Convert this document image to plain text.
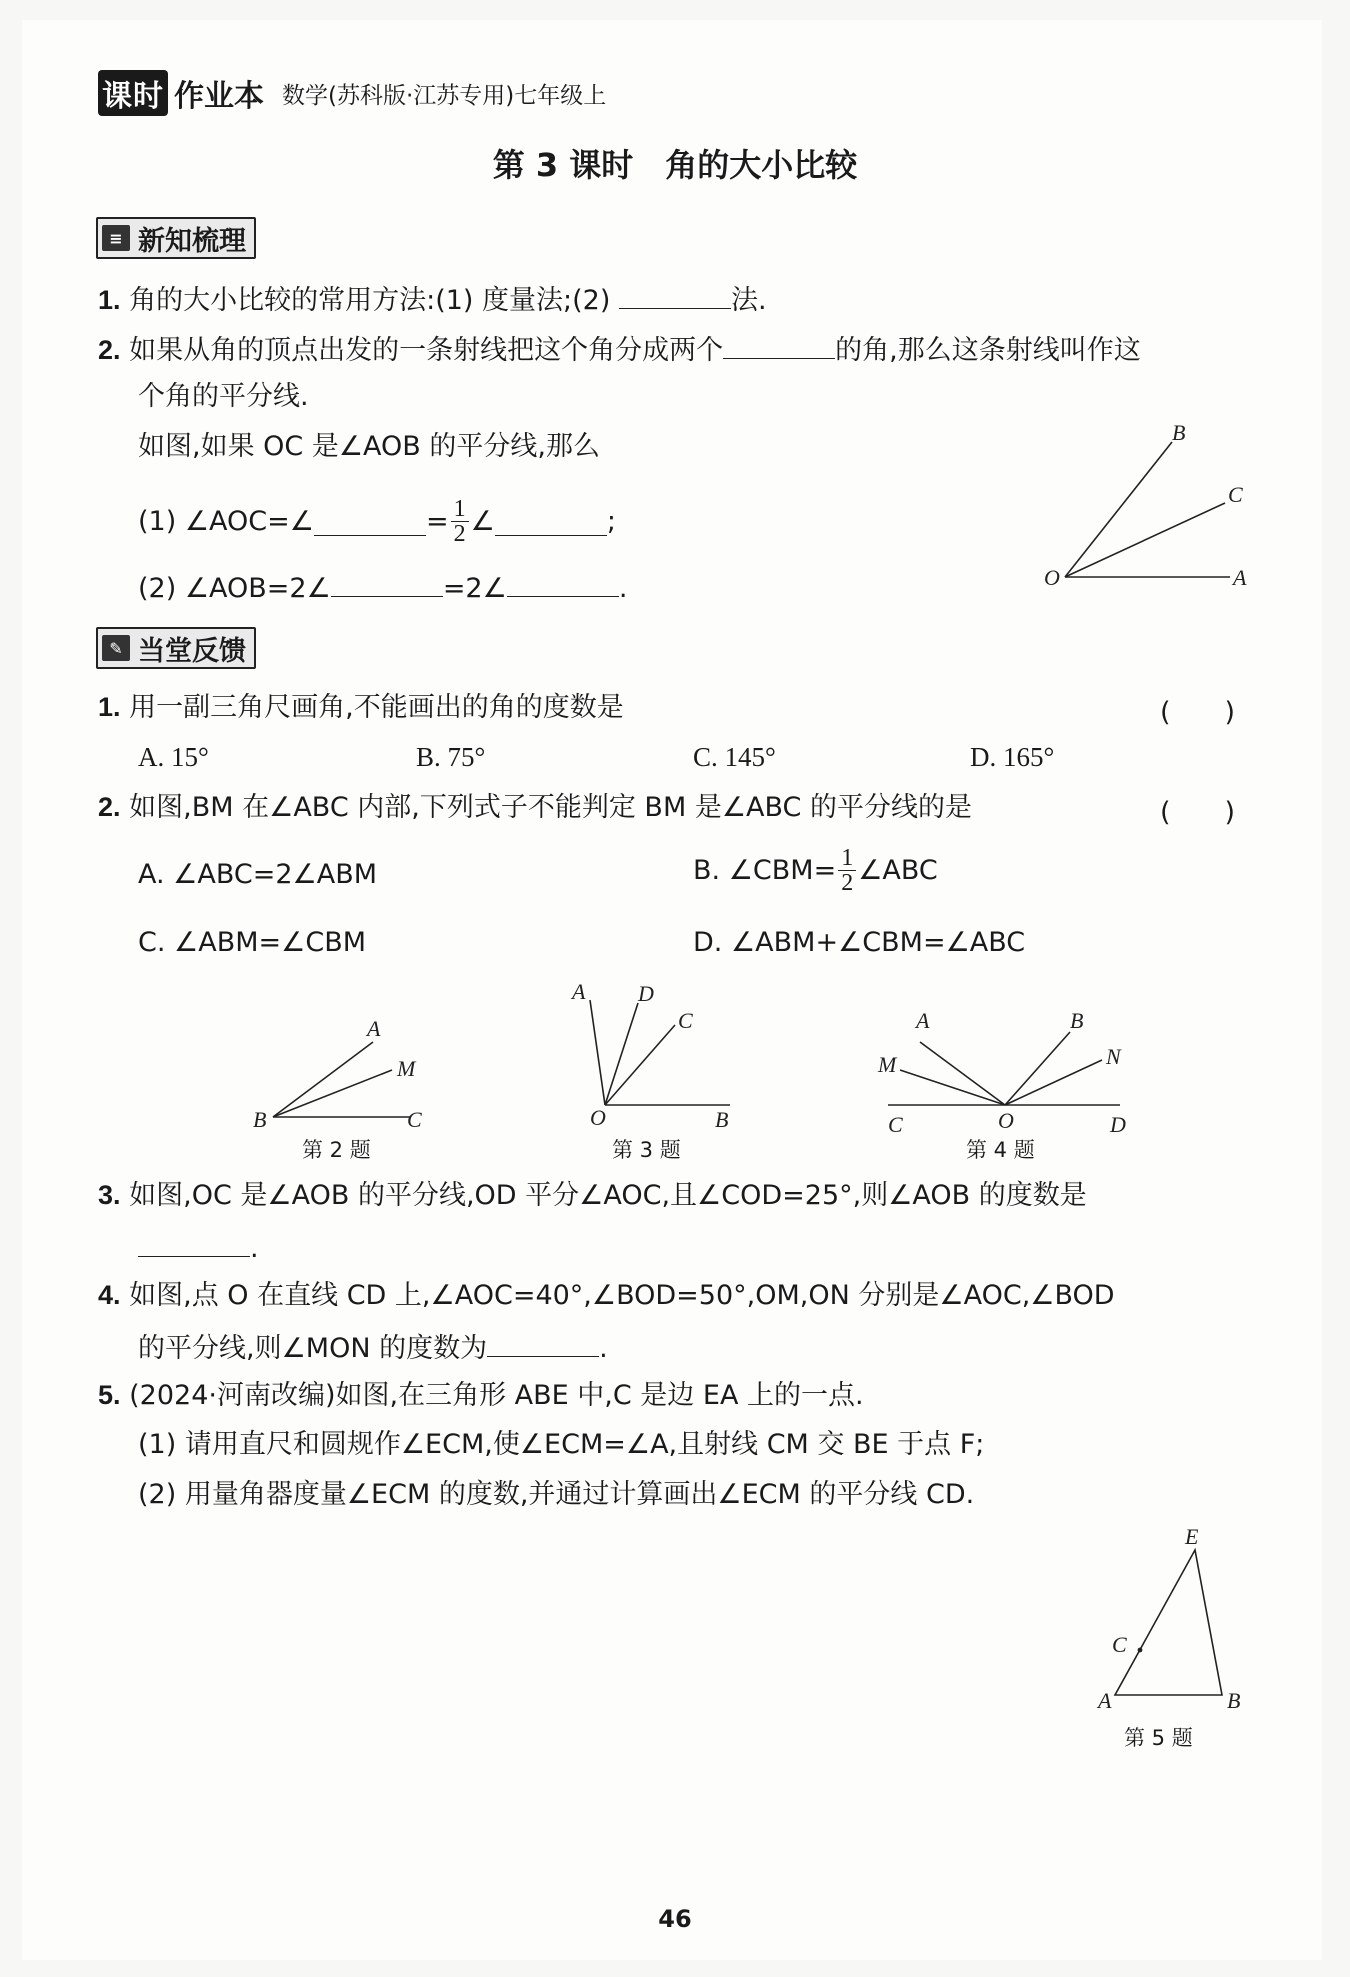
课时 作业本 数学(苏科版·江苏专用)七年级上
第 3 课时　角的大小比较
≡ 新知梳理
1. 角的大小比较的常用方法:(1) 度量法;(2)	法.
2. 如果从角的顶点出发的一条射线把这个角分成两个	的角,那么这条射线叫作这
个角的平分线.
如图,如果 OC 是∠AOB 的平分线,那么
(1) ∠AOC=∠	= $\frac{1}{2}$ ∠	;
(2) ∠AOB=2∠	=2∠	.
B
C
O	A
✎ 当堂反馈
1. 用一副三角尺画角,不能画出的角的度数是	(　　)
A. 15°	B. 75°	C. 145°	D. 165°
2. 如图,BM 在∠ABC 内部,下列式子不能判定 BM 是∠ABC 的平分线的是	(　　)
A. ∠ABC=2∠ABM	B. ∠CBM= $\frac{1}{2}$ ∠ABC
C. ∠ABM=∠CBM	D. ∠ABM+∠CBM=∠ABC
A
M
B	C
第 2 题
A D
C
O	B
第 3 题
A	B
M	N
C	O	D
第 4 题
3. 如图,OC 是∠AOB 的平分线,OD 平分∠AOC,且∠COD=25°,则∠AOB 的度数是
.
4. 如图,点 O 在直线 CD 上,∠AOC=40°,∠BOD=50°,OM,ON 分别是∠AOC,∠BOD
的平分线,则∠MON 的度数为	.
5. (2024·河南改编)如图,在三角形 ABE 中,C 是边 EA 上的一点.
(1) 请用直尺和圆规作∠ECM,使∠ECM=∠A,且射线 CM 交 BE 于点 F;
(2) 用量角器度量∠ECM 的度数,并通过计算画出∠ECM 的平分线 CD.
E
C
A	B
第 5 题
46
